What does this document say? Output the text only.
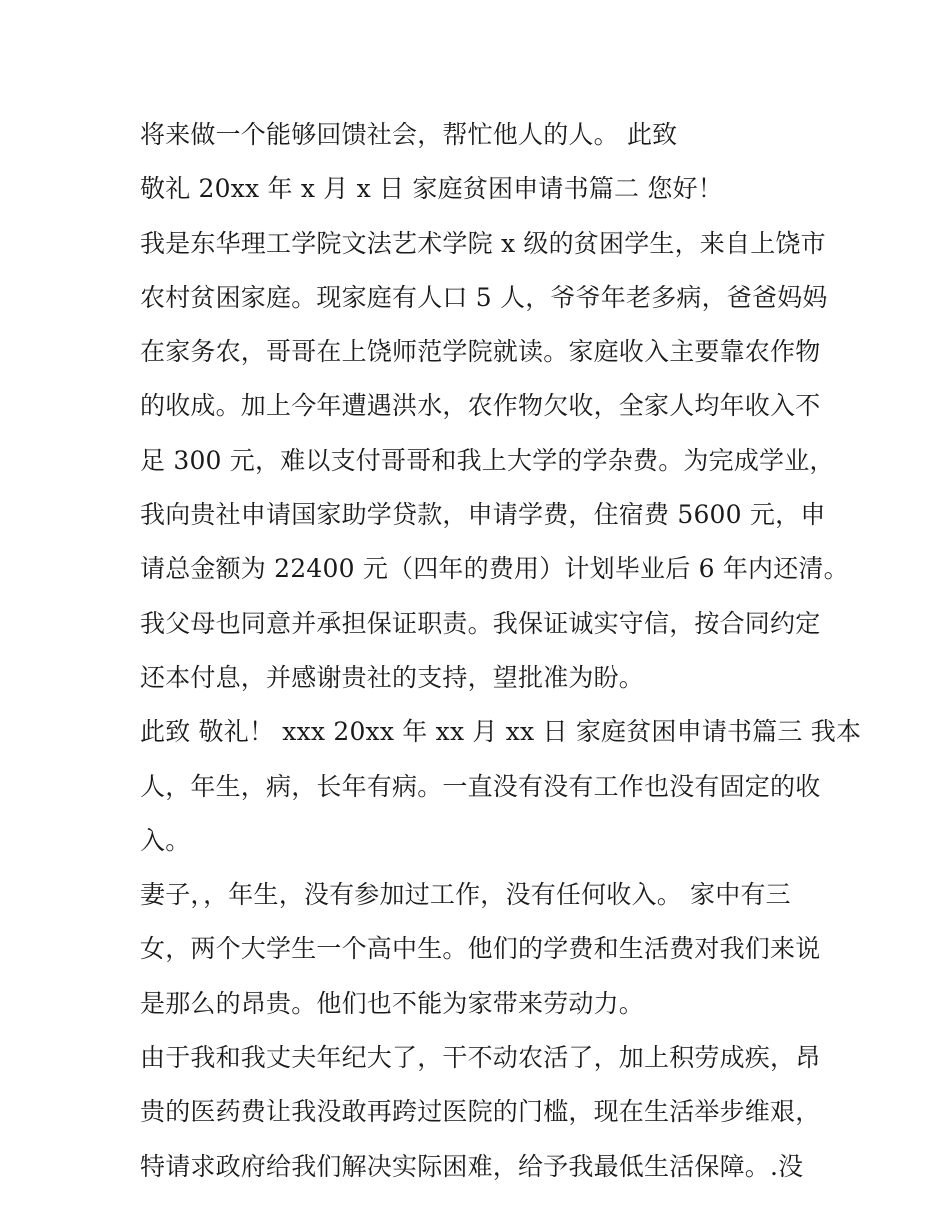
将来做一个能够回馈社会，帮忙他人的人。 此致
敬礼 20xx 年 x 月 x 日 家庭贫困申请书篇二 您好！
我是东华理工学院文法艺术学院 x 级的贫困学生，来自上饶市
农村贫困家庭。现家庭有人口 5 人，爷爷年老多病，爸爸妈妈
在家务农，哥哥在上饶师范学院就读。家庭收入主要靠农作物
的收成。加上今年遭遇洪水，农作物欠收，全家人均年收入不
足 300 元，难以支付哥哥和我上大学的学杂费。为完成学业，
我向贵社申请国家助学贷款，申请学费，住宿费 5600 元，申
请总金额为 22400 元（四年的费用）计划毕业后 6 年内还清。
我父母也同意并承担保证职责。我保证诚实守信，按合同约定
还本付息，并感谢贵社的支持，望批准为盼。
此致 敬礼！ xxx 20xx 年 xx 月 xx 日 家庭贫困申请书篇三 我本
人，年生，病，长年有病。一直没有没有工作也没有固定的收
入。
妻子，，年生，没有参加过工作，没有任何收入。 家中有三
女，两个大学生一个高中生。他们的学费和生活费对我们来说
是那么的昂贵。他们也不能为家带来劳动力。
由于我和我丈夫年纪大了，干不动农活了，加上积劳成疾，昂
贵的医药费让我没敢再跨过医院的门槛，现在生活举步维艰，
特请求政府给我们解决实际困难，给予我最低生活保障。.没
